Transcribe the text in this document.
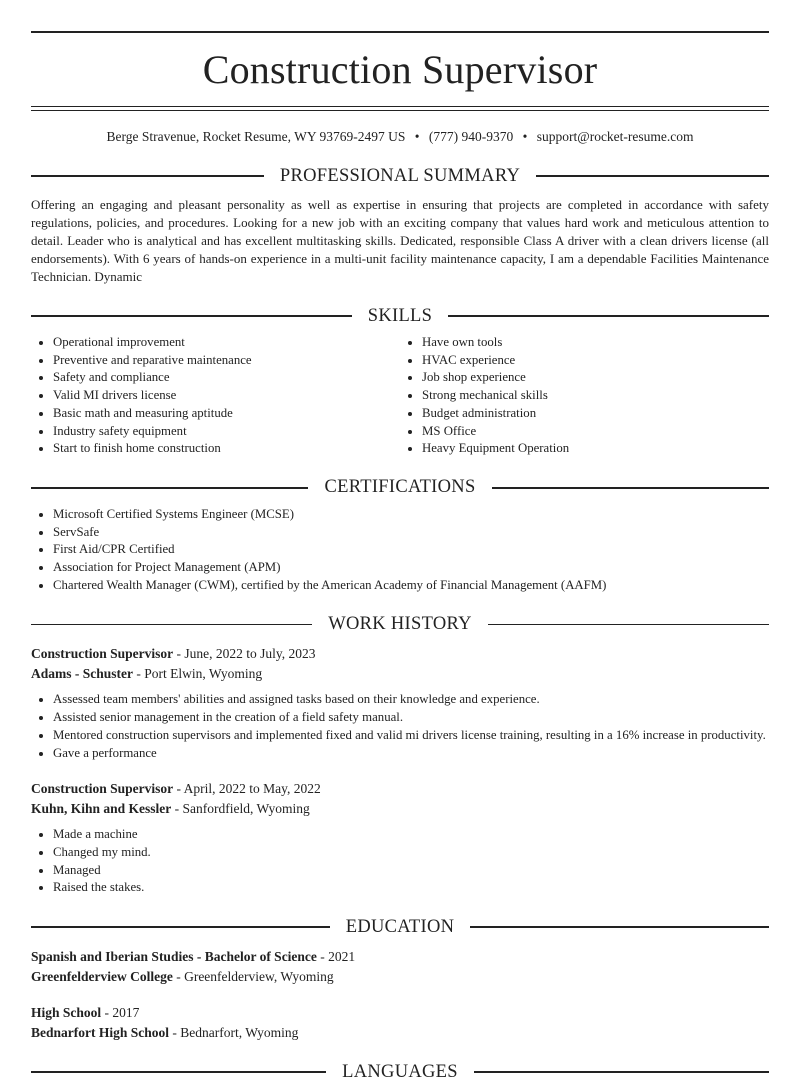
Construction Supervisor
Berge Stravenue, Rocket Resume, WY 93769-2497 US • (777) 940-9370 • support@rocket-resume.com
PROFESSIONAL SUMMARY
Offering an engaging and pleasant personality as well as expertise in ensuring that projects are completed in accordance with safety regulations, policies, and procedures. Looking for a new job with an exciting company that values hard work and meticulous attention to detail. Leader who is analytical and has excellent multitasking skills. Dedicated, responsible Class A driver with a clean drivers license (all endorsements). With 6 years of hands-on experience in a multi-unit facility maintenance capacity, I am a dependable Facilities Maintenance Technician. Dynamic
SKILLS
• Operational improvement
• Preventive and reparative maintenance
• Safety and compliance
• Valid MI drivers license
• Basic math and measuring aptitude
• Industry safety equipment
• Start to finish home construction
• Have own tools
• HVAC experience
• Job shop experience
• Strong mechanical skills
• Budget administration
• MS Office
• Heavy Equipment Operation
CERTIFICATIONS
• Microsoft Certified Systems Engineer (MCSE)
• ServSafe
• First Aid/CPR Certified
• Association for Project Management (APM)
• Chartered Wealth Manager (CWM), certified by the American Academy of Financial Management (AAFM)
WORK HISTORY
Construction Supervisor - June, 2022 to July, 2023
Adams - Schuster - Port Elwin, Wyoming
• Assessed team members' abilities and assigned tasks based on their knowledge and experience.
• Assisted senior management in the creation of a field safety manual.
• Mentored construction supervisors and implemented fixed and valid mi drivers license training, resulting in a 16% increase in productivity.
• Gave a performance
Construction Supervisor - April, 2022 to May, 2022
Kuhn, Kihn and Kessler - Sanfordfield, Wyoming
• Made a machine
• Changed my mind.
• Managed
• Raised the stakes.
EDUCATION
Spanish and Iberian Studies - Bachelor of Science - 2021
Greenfelderview College - Greenfelderview, Wyoming
High School - 2017
Bednarfort High School - Bednarfort, Wyoming
LANGUAGES
